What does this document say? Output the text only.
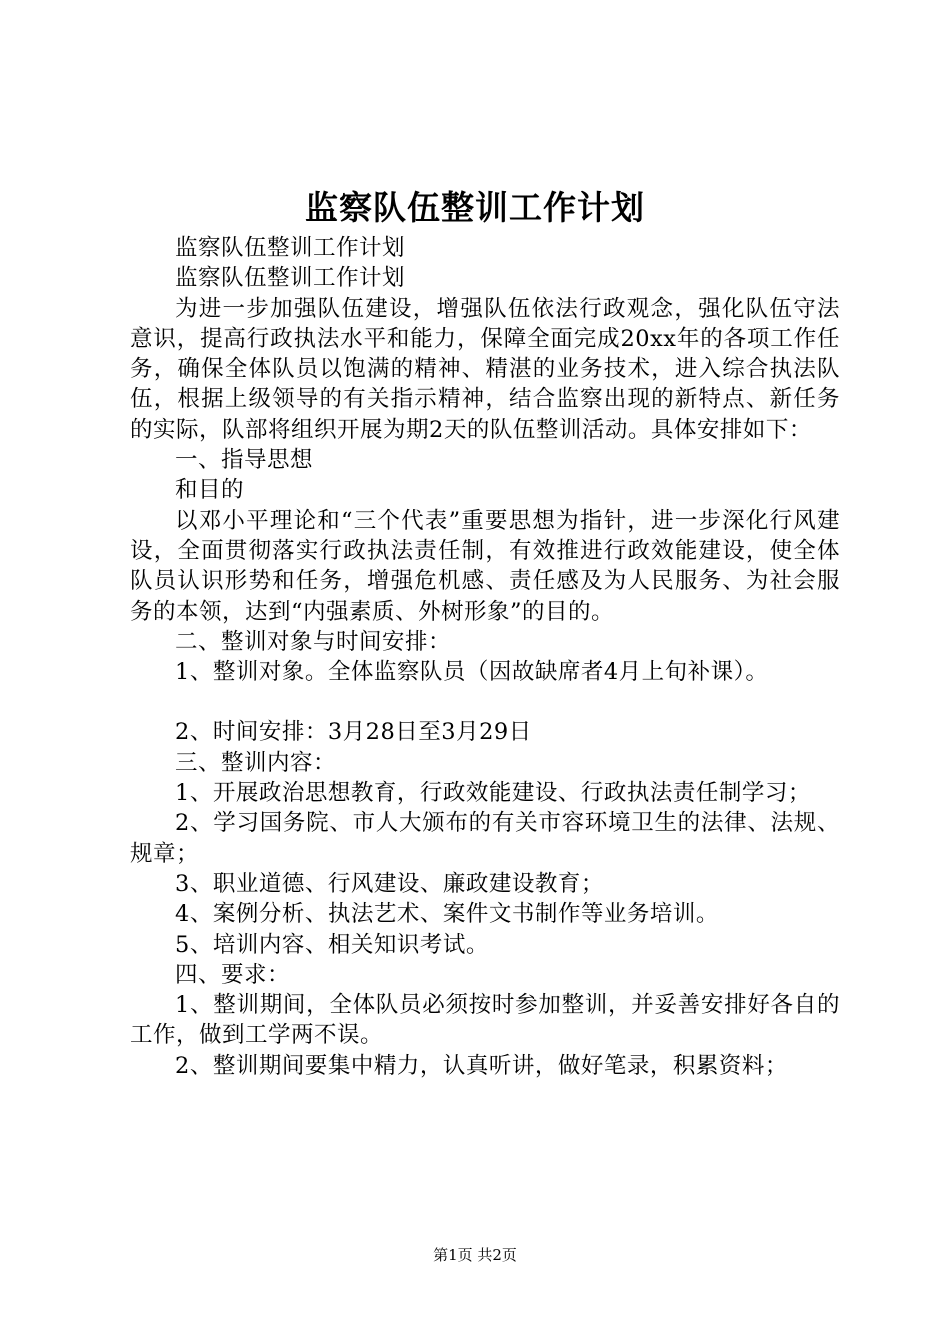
监察队伍整训工作计划

监察队伍整训工作计划

监察队伍整训工作计划

为进一步加强队伍建设，增强队伍依法行政观念，强化队伍守法意识，提高行政执法水平和能力，保障全面完成20xx年的各项工作任务，确保全体队员以饱满的精神、精湛的业务技术，进入综合执法队伍，根据上级领导的有关指示精神，结合监察出现的新特点、新任务的实际，队部将组织开展为期2天的队伍整训活动。具体安排如下：

一、指导思想

和目的

以邓小平理论和“三个代表”重要思想为指针，进一步深化行风建设，全面贯彻落实行政执法责任制，有效推进行政效能建设，使全体队员认识形势和任务，增强危机感、责任感及为人民服务、为社会服务的本领，达到“内强素质、外树形象”的目的。

二、整训对象与时间安排：

1、整训对象。全体监察队员（因故缺席者4月上旬补课）。

2、时间安排：3月28日至3月29日

三、整训内容：

1、开展政治思想教育，行政效能建设、行政执法责任制学习；

2、学习国务院、市人大颁布的有关市容环境卫生的法律、法规、规章；

3、职业道德、行风建设、廉政建设教育；

4、案例分析、执法艺术、案件文书制作等业务培训。

5、培训内容、相关知识考试。

四、要求：

1、整训期间，全体队员必须按时参加整训，并妥善安排好各自的工作，做到工学两不误。

2、整训期间要集中精力，认真听讲，做好笔录，积累资料；

第1页 共2页
